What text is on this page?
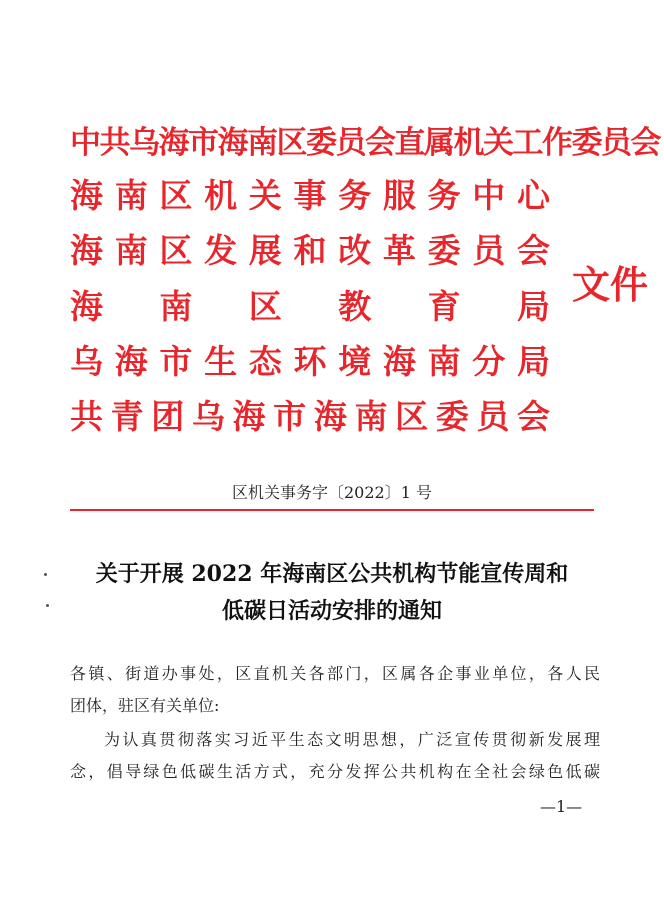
中共乌海市海南区委员会直属机关工作委员会
海南区机关事务服务中心
海南区发展和改革委员会
海南区教育局
乌海市生态环境海南分局
共青团乌海市海南区委员会
文件
区机关事务字〔2022〕1 号
关于开展 2022 年海南区公共机构节能宣传周和
低碳日活动安排的通知
各镇、街道办事处，区直机关各部门，区属各企事业单位，各人民
团体，驻区有关单位:
为认真贯彻落实习近平生态文明思想，广泛宣传贯彻新发展理
念，倡导绿色低碳生活方式，充分发挥公共机构在全社会绿色低碳
—1—
